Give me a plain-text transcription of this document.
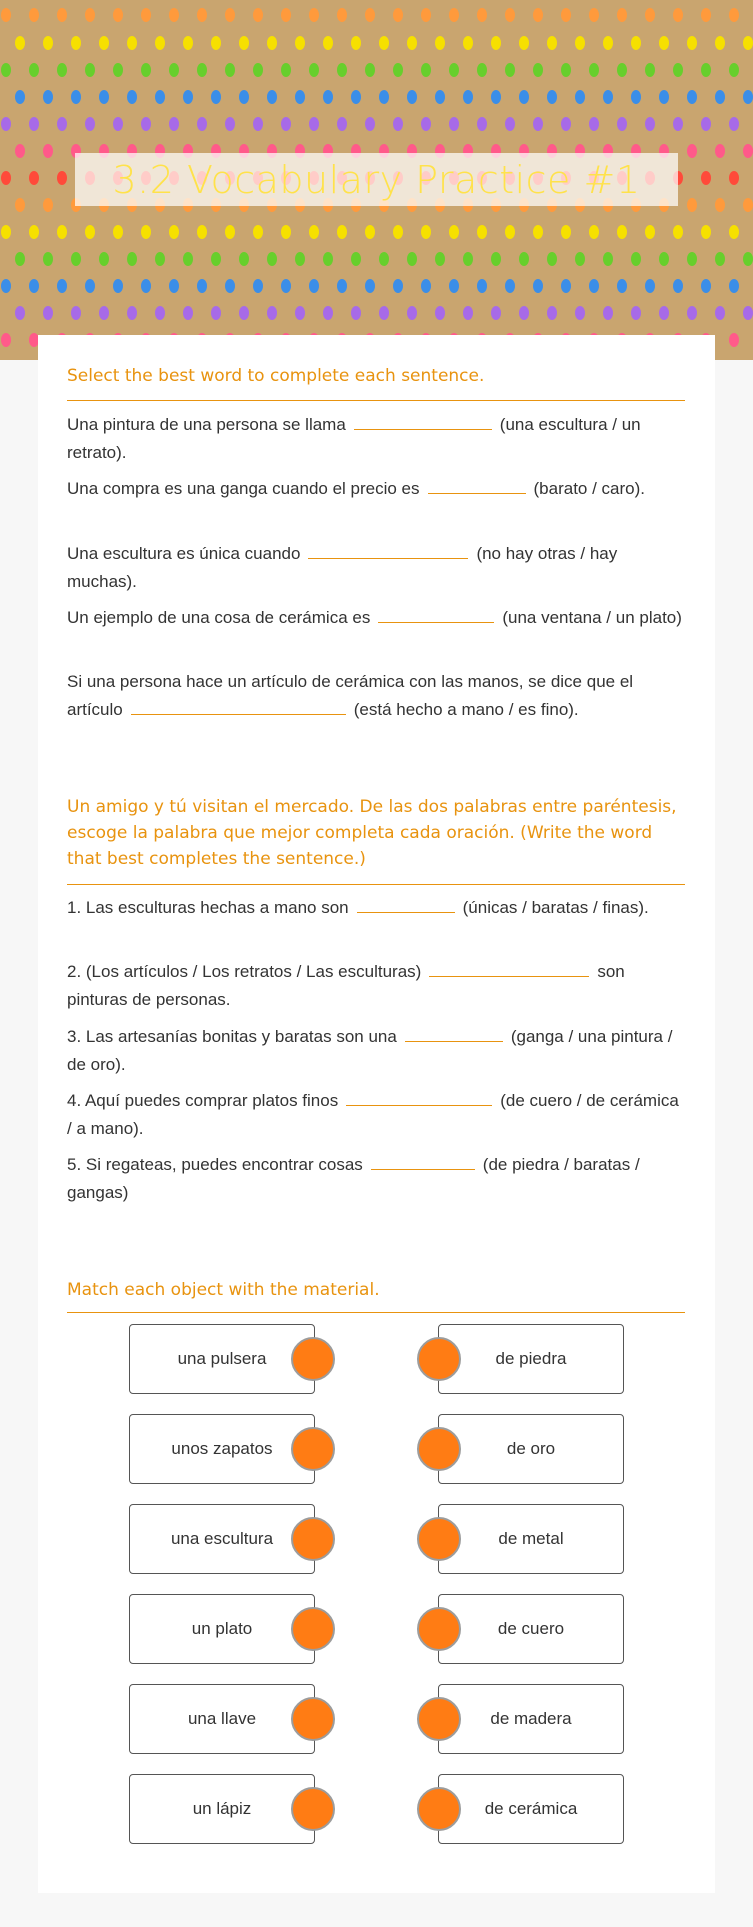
3.2 Vocabulary Practice #1
Select the best word to complete each sentence.
Una pintura de una persona se llama	(una escultura / un retrato).
Una compra es una ganga cuando el precio es	(barato / caro).
Una escultura es única cuando	(no hay otras / hay muchas).
Un ejemplo de una cosa de cerámica es	(una ventana / un plato)
Si una persona hace un artículo de cerámica con las manos, se dice que el artículo	(está hecho a mano / es fino).
Un amigo y tú visitan el mercado. De las dos palabras entre paréntesis, escoge la palabra que mejor completa cada oración. (Write the word that best completes the sentence.)
1. Las esculturas hechas a mano son	(únicas / baratas / finas).
2. (Los artículos / Los retratos / Las esculturas)	son pinturas de personas.
3. Las artesanías bonitas y baratas son una	(ganga / una pintura / de oro).
4. Aquí puedes comprar platos finos	(de cuero / de cerámica / a mano).
5. Si regateas, puedes encontrar cosas	(de piedra / baratas / gangas)
Match each object with the material.
una pulsera	de piedra
unos zapatos	de oro
una escultura	de metal
un plato	de cuero
una llave	de madera
un lápiz	de cerámica
